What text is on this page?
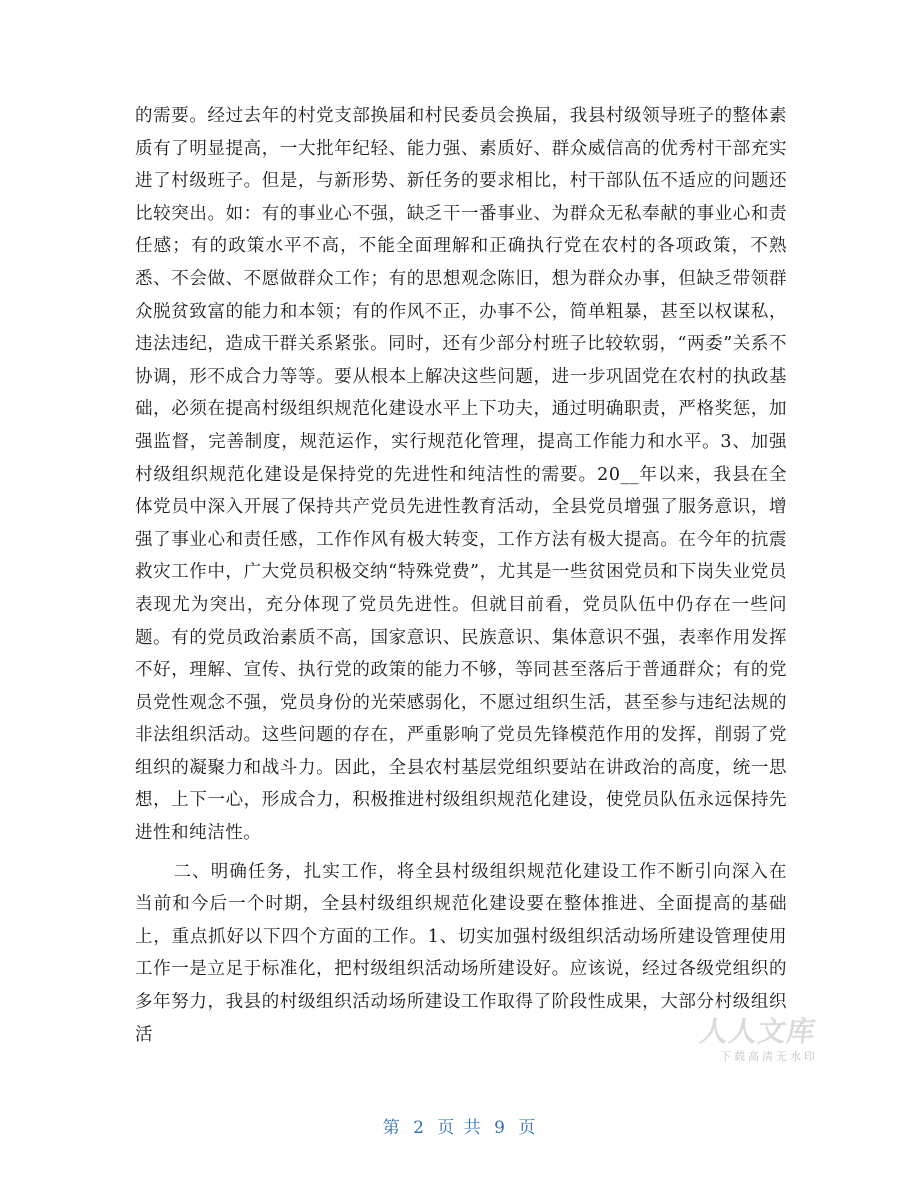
的需要。经过去年的村党支部换届和村民委员会换届，我县村级领导班子的整体素质有了明显提高，一大批年纪轻、能力强、素质好、群众威信高的优秀村干部充实进了村级班子。但是，与新形势、新任务的要求相比，村干部队伍不适应的问题还比较突出。如：有的事业心不强，缺乏干一番事业、为群众无私奉献的事业心和责任感；有的政策水平不高，不能全面理解和正确执行党在农村的各项政策，不熟悉、不会做、不愿做群众工作；有的思想观念陈旧，想为群众办事，但缺乏带领群众脱贫致富的能力和本领；有的作风不正，办事不公，简单粗暴，甚至以权谋私，违法违纪，造成干群关系紧张。同时，还有少部分村班子比较软弱，“两委”关系不协调，形不成合力等等。要从根本上解决这些问题，进一步巩固党在农村的执政基础，必须在提高村级组织规范化建设水平上下功夫，通过明确职责，严格奖惩，加强监督，完善制度，规范运作，实行规范化管理，提高工作能力和水平。3、加强村级组织规范化建设是保持党的先进性和纯洁性的需要。20__年以来，我县在全体党员中深入开展了保持共产党员先进性教育活动，全县党员增强了服务意识，增强了事业心和责任感，工作作风有极大转变，工作方法有极大提高。在今年的抗震救灾工作中，广大党员积极交纳“特殊党费”，尤其是一些贫困党员和下岗失业党员表现尤为突出，充分体现了党员先进性。但就目前看，党员队伍中仍存在一些问题。有的党员政治素质不高，国家意识、民族意识、集体意识不强，表率作用发挥不好，理解、宣传、执行党的政策的能力不够，等同甚至落后于普通群众；有的党员党性观念不强，党员身份的光荣感弱化，不愿过组织生活，甚至参与违纪法规的非法组织活动。这些问题的存在，严重影响了党员先锋模范作用的发挥，削弱了党组织的凝聚力和战斗力。因此，全县农村基层党组织要站在讲政治的高度，统一思想，上下一心，形成合力，积极推进村级组织规范化建设，使党员队伍永远保持先进性和纯洁性。

二、明确任务，扎实工作，将全县村级组织规范化建设工作不断引向深入在当前和今后一个时期，全县村级组织规范化建设要在整体推进、全面提高的基础上，重点抓好以下四个方面的工作。1、切实加强村级组织活动场所建设管理使用工作一是立足于标准化，把村级组织活动场所建设好。应该说，经过各级党组织的多年努力，我县的村级组织活动场所建设工作取得了阶段性成果，大部分村级组织活	人人文库
下载高清无水印
第 2 页 共 9 页
